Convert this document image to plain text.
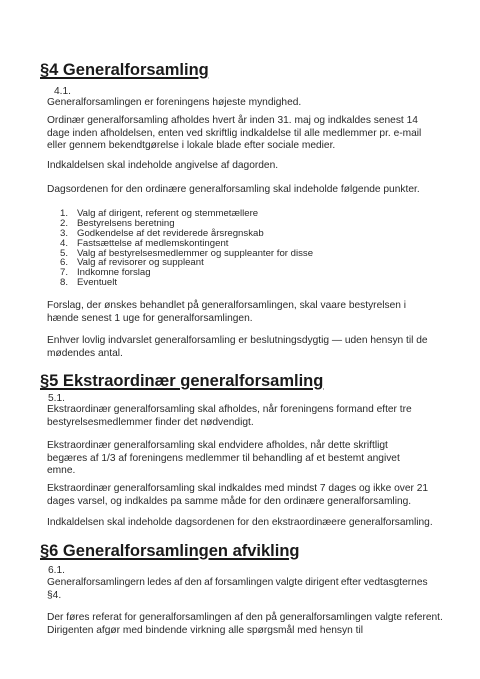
§4 Generalforsamling

4.1.

Generalforsamlingen er foreningens højeste myndighed.

Ordinær generalforsamling afholdes hvert år inden 31. maj og indkaldes senest 14
dage inden afholdelsen, enten ved skriftlig indkaldelse til alle medlemmer pr. e-mail
eller gennem bekendtgørelse i lokale blade efter sociale medier.

Indkaldelsen skal indeholde angivelse af dagorden.

Dagsordenen for den ordinære generalforsamling skal indeholde følgende punkter.

1. Valg af dirigent, referent og stemmetællere
2. Bestyrelsens beretning
3. Godkendelse af det reviderede årsregnskab
4. Fastsættelse af medlemskontingent
5. Valg af bestyrelsesmedlemmer og suppleanter for disse
6. Valg af revisorer og suppleant
7. Indkomne forslag
8. Eventuelt

Forslag, der ønskes behandlet på generalforsamlingen, skal vaare bestyrelsen i
hænde senest 1 uge for generalforsamlingen.

Enhver lovlig indvarslet generalforsamling er beslutningsdygtig — uden hensyn til de
mødendes antal.

§5 Ekstraordinær generalforsamling

5.1.

Ekstraordinær generalforsamling skal afholdes, når foreningens formand efter tre
bestyrelsesmedlemmer finder det nødvendigt.

Ekstraordinær generalforsamling skal endvidere afholdes, når dette skriftligt
begæres af 1/3 af foreningens medlemmer til behandling af et bestemt angivet
emne.

Ekstraordinær generalforsamling skal indkaldes med mindst 7 dages og ikke over 21
dages varsel, og indkaldes pa samme måde for den ordinære generalforsamling.

Indkaldelsen skal indeholde dagsordenen for den ekstraordinæere generalforsamling.

§6 Generalforsamlingen afvikling

6.1.

Generalforsamlingern ledes af den af forsamlingen valgte dirigent efter vedtasgternes
§4.

Der føres referat for generalforsamlingen af den på generalforsamlingen valgte referent.
Dirigenten afgør med bindende virkning alle spørgsmål med hensyn til
